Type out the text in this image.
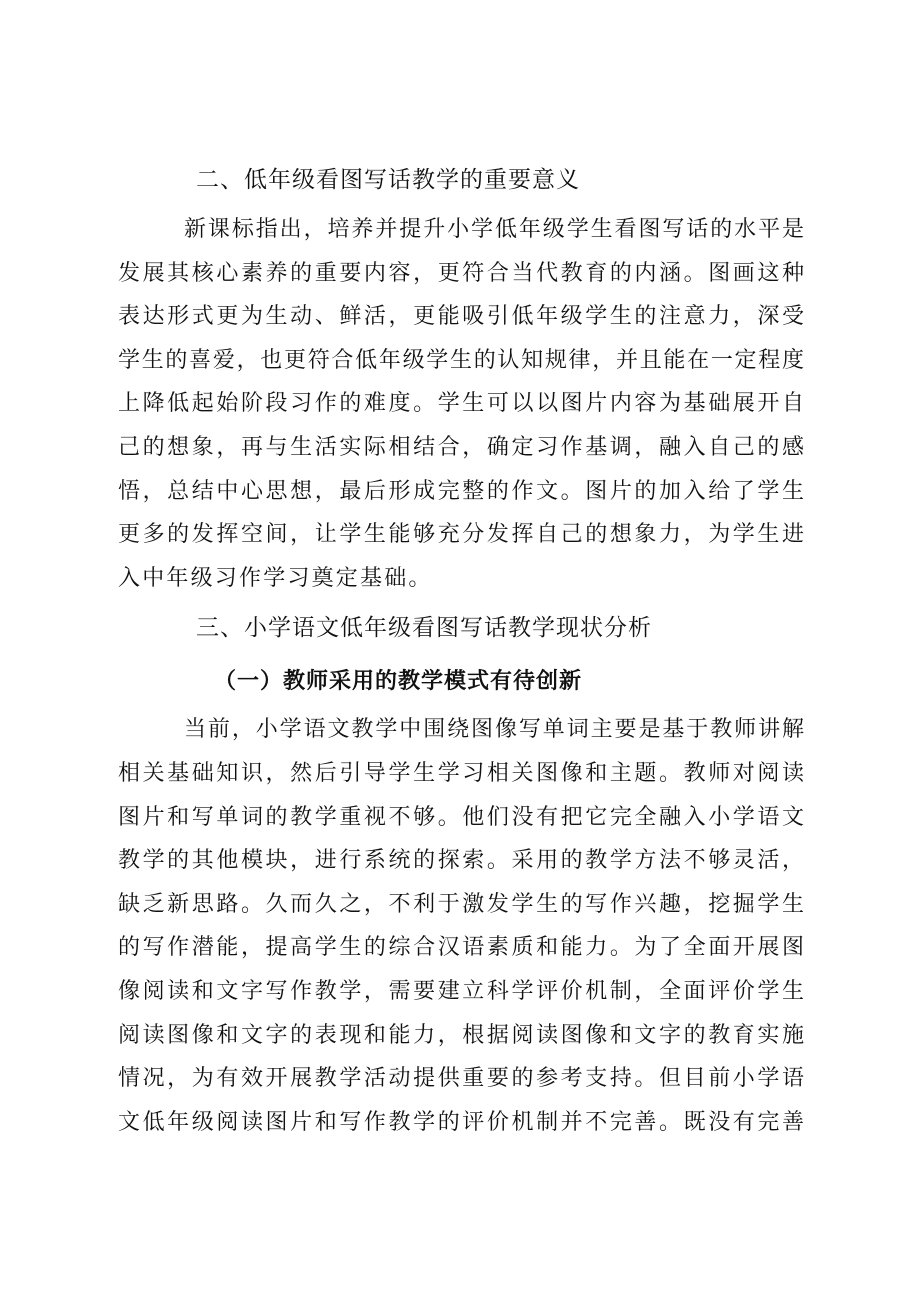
二、低年级看图写话教学的重要意义
新课标指出，培养并提升小学低年级学生看图写话的水平是
发展其核心素养的重要内容，更符合当代教育的内涵。图画这种
表达形式更为生动、鲜活，更能吸引低年级学生的注意力，深受
学生的喜爱，也更符合低年级学生的认知规律，并且能在一定程度
上降低起始阶段习作的难度。学生可以以图片内容为基础展开自
己的想象，再与生活实际相结合，确定习作基调，融入自己的感
悟，总结中心思想，最后形成完整的作文。图片的加入给了学生
更多的发挥空间，让学生能够充分发挥自己的想象力，为学生进
入中年级习作学习奠定基础。
三、小学语文低年级看图写话教学现状分析
（一）教师采用的教学模式有待创新
当前，小学语文教学中围绕图像写单词主要是基于教师讲解
相关基础知识，然后引导学生学习相关图像和主题。教师对阅读
图片和写单词的教学重视不够。他们没有把它完全融入小学语文
教学的其他模块，进行系统的探索。采用的教学方法不够灵活，
缺乏新思路。久而久之，不利于激发学生的写作兴趣，挖掘学生
的写作潜能，提高学生的综合汉语素质和能力。为了全面开展图
像阅读和文字写作教学，需要建立科学评价机制，全面评价学生
阅读图像和文字的表现和能力，根据阅读图像和文字的教育实施
情况，为有效开展教学活动提供重要的参考支持。但目前小学语
文低年级阅读图片和写作教学的评价机制并不完善。既没有完善
